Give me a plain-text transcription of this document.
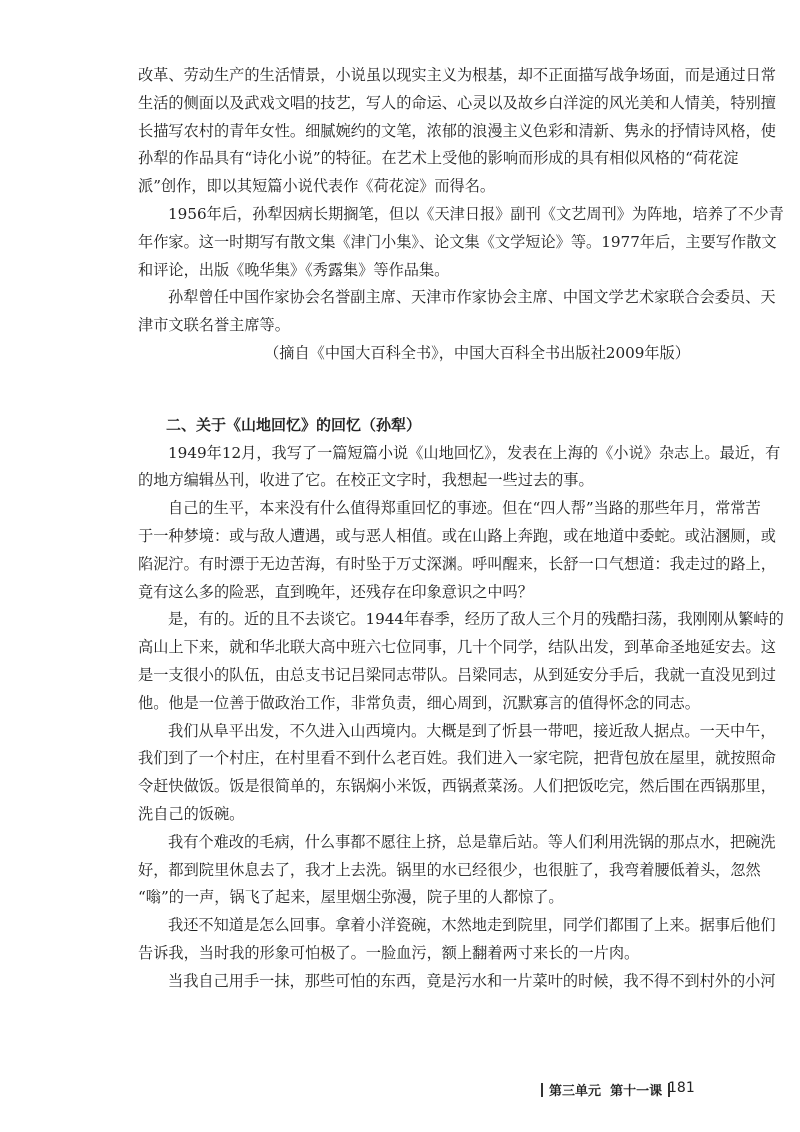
改革、劳动生产的生活情景，小说虽以现实主义为根基，却不正面描写战争场面，而是通过日常
生活的侧面以及武戏文唱的技艺，写人的命运、心灵以及故乡白洋淀的风光美和人情美，特别擅
长描写农村的青年女性。细腻婉约的文笔，浓郁的浪漫主义色彩和清新、隽永的抒情诗风格，使
孙犁的作品具有“诗化小说”的特征。在艺术上受他的影响而形成的具有相似风格的“荷花淀
派”创作，即以其短篇小说代表作《荷花淀》而得名。
1956年后，孙犁因病长期搁笔，但以《天津日报》副刊《文艺周刊》为阵地，培养了不少青
年作家。这一时期写有散文集《津门小集》、论文集《文学短论》等。1977年后，主要写作散文
和评论，出版《晚华集》《秀露集》等作品集。
孙犁曾任中国作家协会名誉副主席、天津市作家协会主席、中国文学艺术家联合会委员、天
津市文联名誉主席等。
（摘自《中国大百科全书》，中国大百科全书出版社2009年版）
二、关于《山地回忆》的回忆（孙犁）
1949年12月，我写了一篇短篇小说《山地回忆》，发表在上海的《小说》杂志上。最近，有
的地方编辑丛刊，收进了它。在校正文字时，我想起一些过去的事。
自己的生平，本来没有什么值得郑重回忆的事迹。但在“四人帮”当路的那些年月，常常苦
于一种梦境：或与敌人遭遇，或与恶人相值。或在山路上奔跑，或在地道中委蛇。或沾溷厕，或
陷泥泞。有时漂于无边苦海，有时坠于万丈深渊。呼叫醒来，长舒一口气想道：我走过的路上，
竟有这么多的险恶，直到晚年，还残存在印象意识之中吗？
是，有的。近的且不去谈它。1944年春季，经历了敌人三个月的残酷扫荡，我刚刚从繁峙的
高山上下来，就和华北联大高中班六七位同事，几十个同学，结队出发，到革命圣地延安去。这
是一支很小的队伍，由总支书记吕梁同志带队。吕梁同志，从到延安分手后，我就一直没见到过
他。他是一位善于做政治工作，非常负责，细心周到，沉默寡言的值得怀念的同志。
我们从阜平出发，不久进入山西境内。大概是到了忻县一带吧，接近敌人据点。一天中午，
我们到了一个村庄，在村里看不到什么老百姓。我们进入一家宅院，把背包放在屋里，就按照命
令赶快做饭。饭是很简单的，东锅焖小米饭，西锅煮菜汤。人们把饭吃完，然后围在西锅那里，
洗自己的饭碗。
我有个难改的毛病，什么事都不愿往上挤，总是靠后站。等人们利用洗锅的那点水，把碗洗
好，都到院里休息去了，我才上去洗。锅里的水已经很少，也很脏了，我弯着腰低着头，忽然
“嗡”的一声，锅飞了起来，屋里烟尘弥漫，院子里的人都惊了。
我还不知道是怎么回事。拿着小洋瓷碗，木然地走到院里，同学们都围了上来。据事后他们
告诉我，当时我的形象可怕极了。一脸血污，额上翻着两寸来长的一片肉。
当我自己用手一抹，那些可怕的东西，竟是污水和一片菜叶的时候，我不得不到村外的小河
第三单元 第十一课 181
